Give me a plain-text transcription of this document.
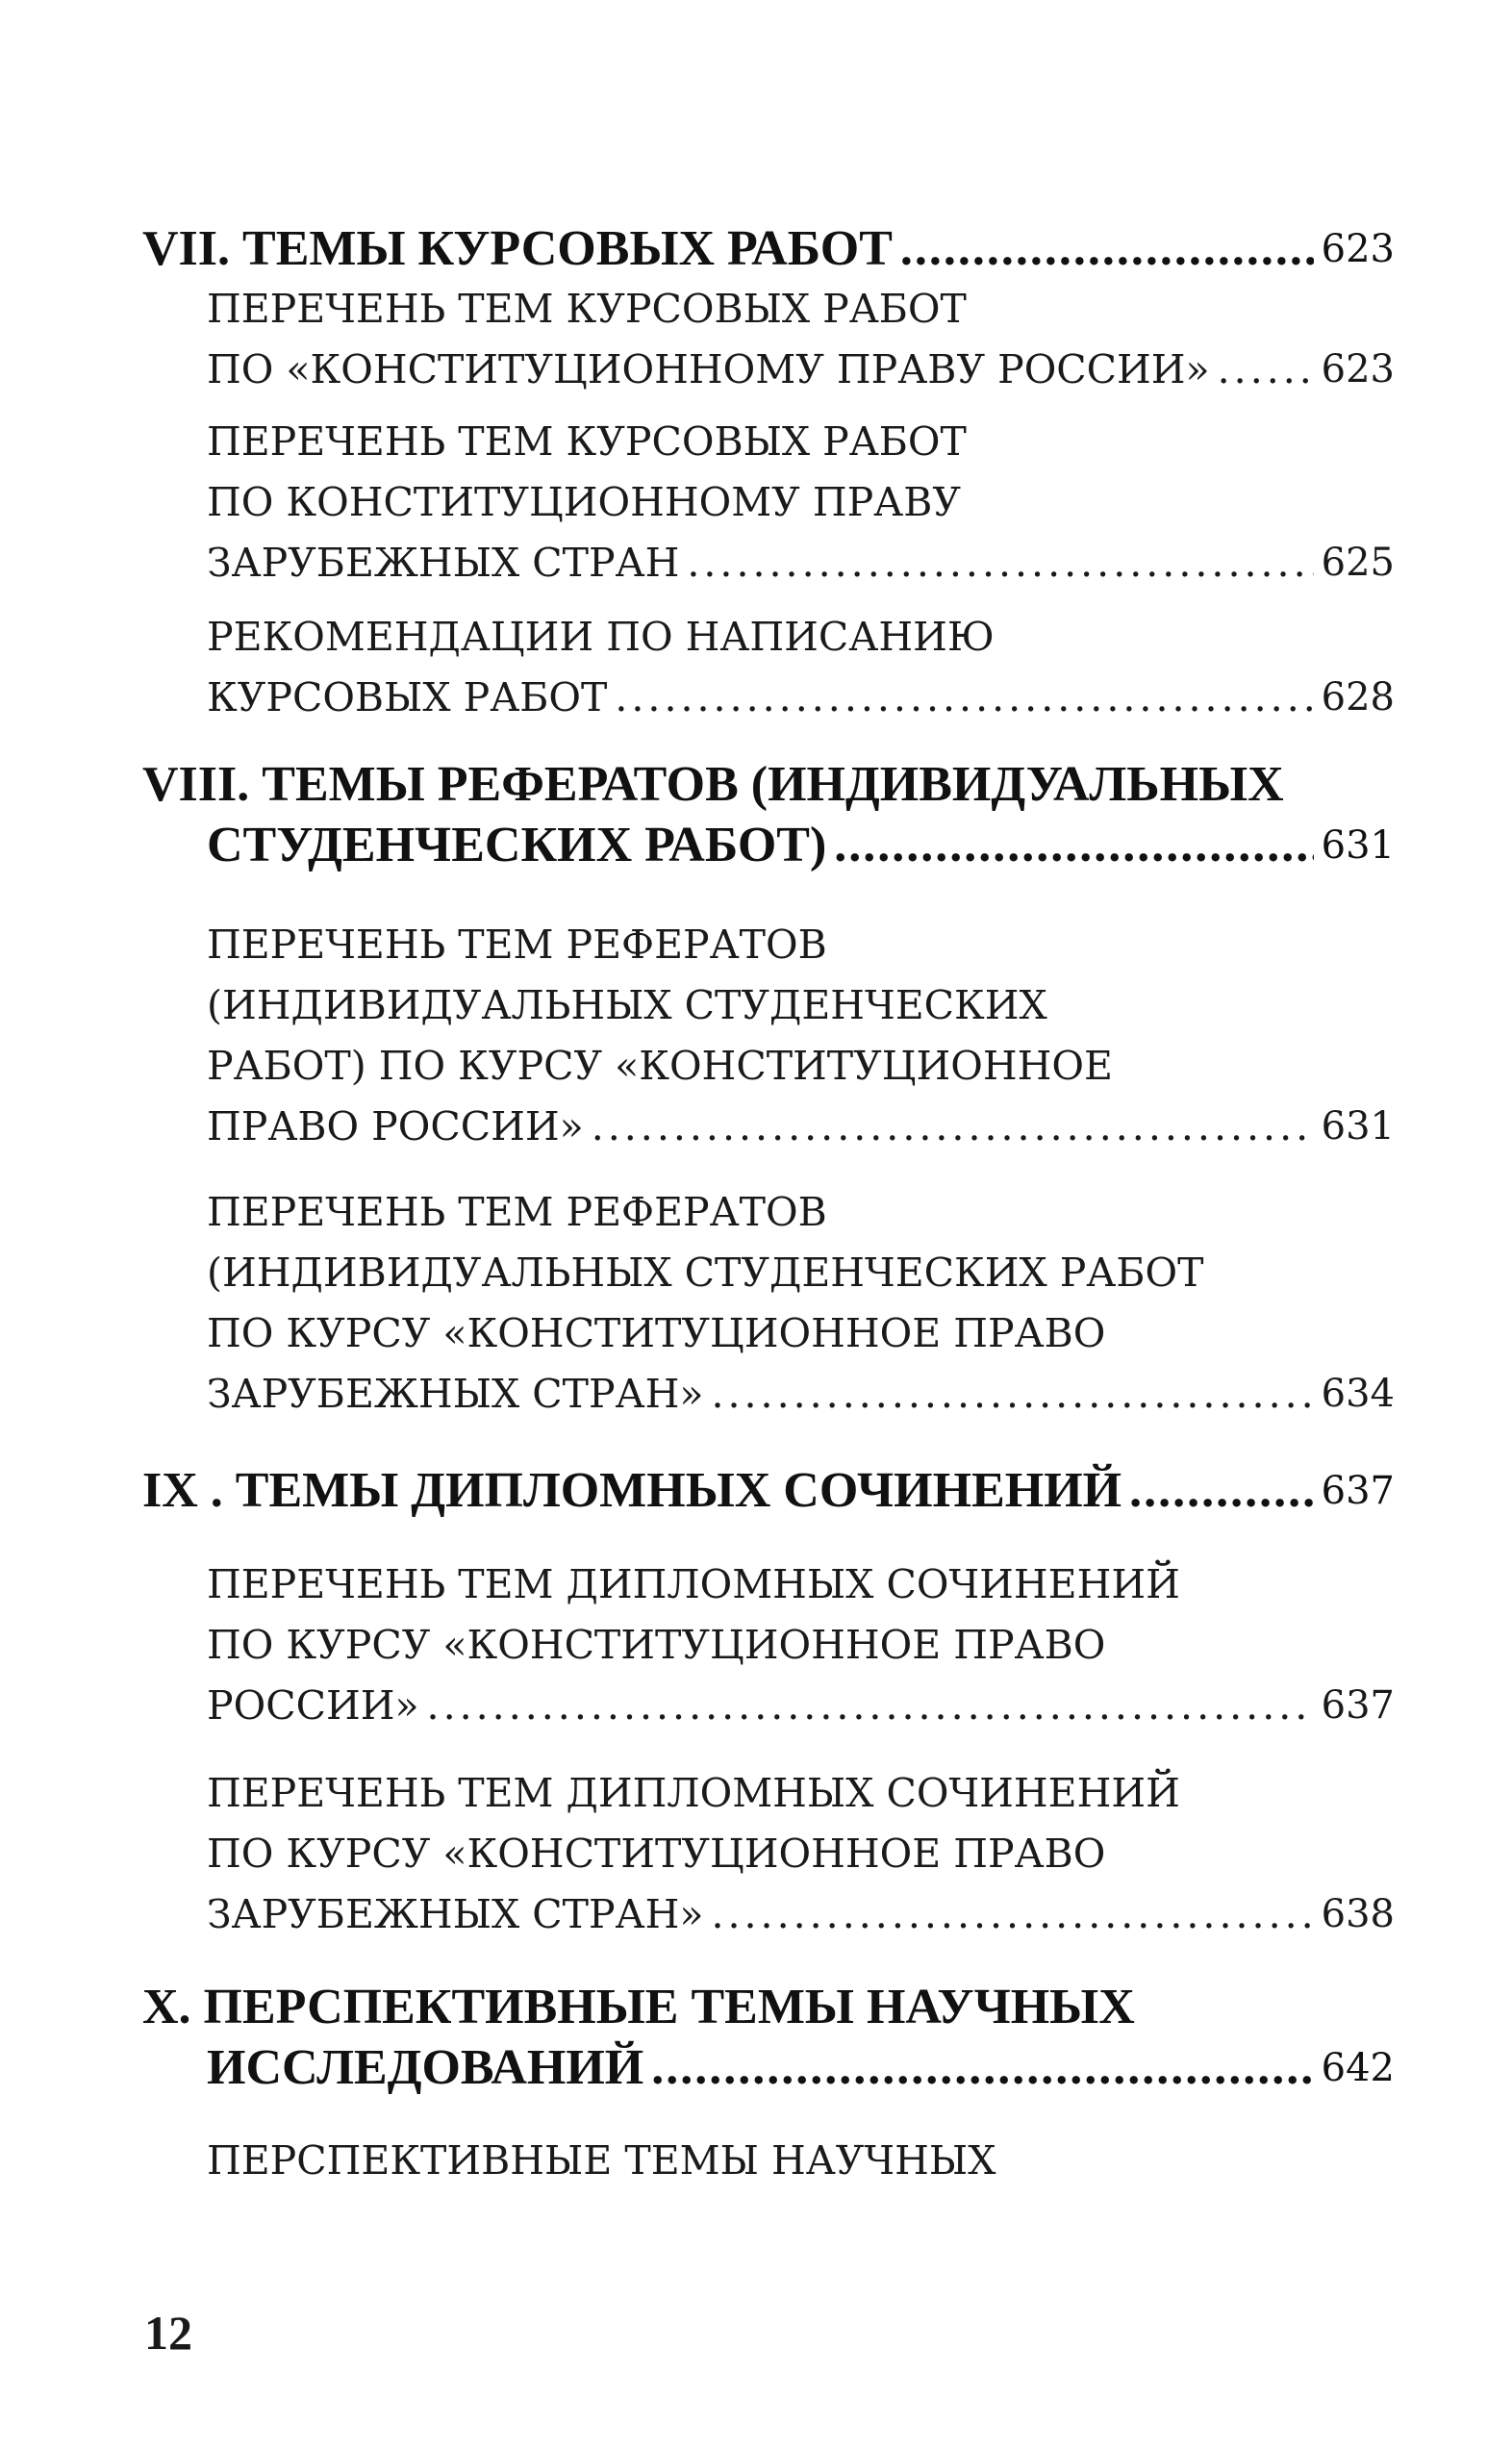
VII. ТЕМЫ КУРСОВЫХ РАБОТ .....	623
ПЕРЕЧЕНЬ ТЕМ КУРСОВЫХ РАБОТ
ПО «КОНСТИТУЦИОННОМУ ПРАВУ РОССИИ» .....	623
ПЕРЕЧЕНЬ ТЕМ КУРСОВЫХ РАБОТ
ПО КОНСТИТУЦИОННОМУ ПРАВУ
ЗАРУБЕЖНЫХ СТРАН .....	625
РЕКОМЕНДАЦИИ ПО НАПИСАНИЮ
КУРСОВЫХ РАБОТ .....	628
VIII. ТЕМЫ РЕФЕРАТОВ (ИНДИВИДУАЛЬНЫХ
СТУДЕНЧЕСКИХ РАБОТ) .....	631
ПЕРЕЧЕНЬ ТЕМ РЕФЕРАТОВ
(ИНДИВИДУАЛЬНЫХ СТУДЕНЧЕСКИХ
РАБОТ) ПО КУРСУ «КОНСТИТУЦИОННОЕ
ПРАВО РОССИИ» .....	631
ПЕРЕЧЕНЬ ТЕМ РЕФЕРАТОВ
(ИНДИВИДУАЛЬНЫХ СТУДЕНЧЕСКИХ РАБОТ
ПО КУРСУ «КОНСТИТУЦИОННОЕ ПРАВО
ЗАРУБЕЖНЫХ СТРАН» .....	634
IX . ТЕМЫ ДИПЛОМНЫХ СОЧИНЕНИЙ .....	637
ПЕРЕЧЕНЬ ТЕМ ДИПЛОМНЫХ СОЧИНЕНИЙ
ПО КУРСУ «КОНСТИТУЦИОННОЕ ПРАВО
РОССИИ» .....	637
ПЕРЕЧЕНЬ ТЕМ ДИПЛОМНЫХ СОЧИНЕНИЙ
ПО КУРСУ «КОНСТИТУЦИОННОЕ ПРАВО
ЗАРУБЕЖНЫХ СТРАН» .....	638
X. ПЕРСПЕКТИВНЫЕ ТЕМЫ НАУЧНЫХ
ИССЛЕДОВАНИЙ .....	642
ПЕРСПЕКТИВНЫЕ ТЕМЫ НАУЧНЫХ
12
